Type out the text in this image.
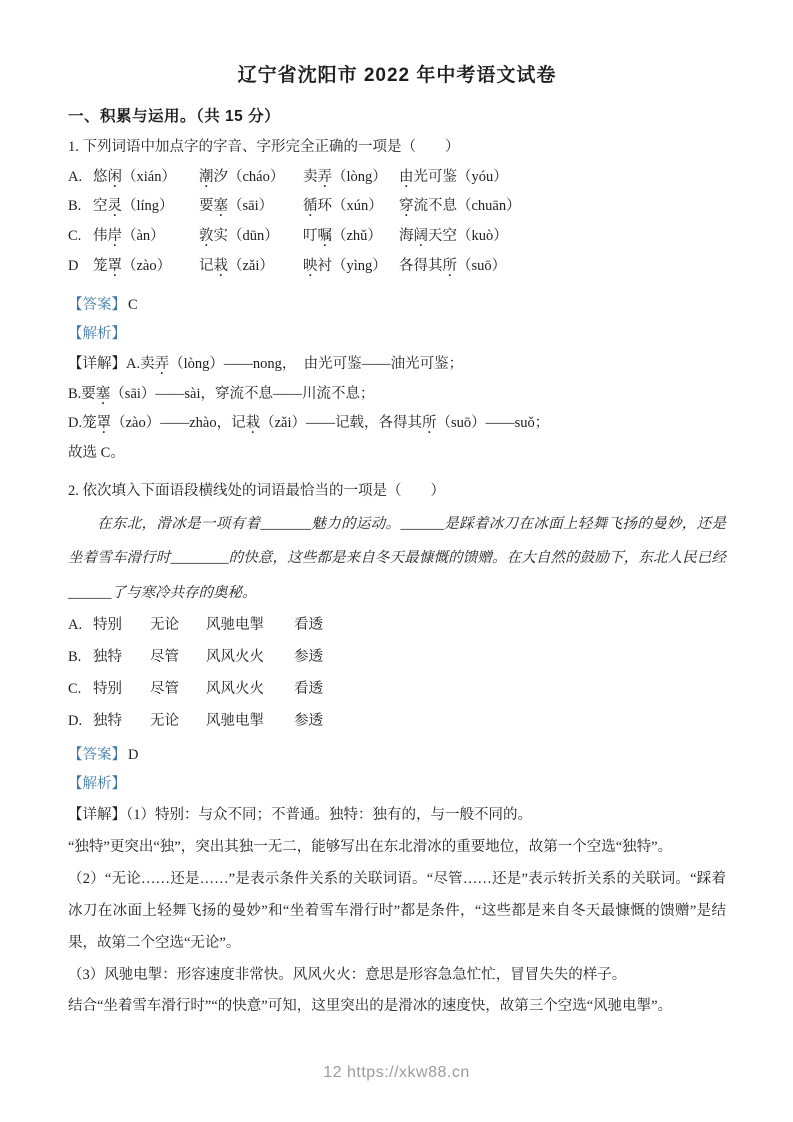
辽宁省沈阳市 2022 年中考语文试卷
一、积累与运用。（共 15 分）

1. 下列词语中加点字的字音、字形完全正确的一项是（　　）

A. 悠闲（xián）	潮汐（cháo）	卖弄（lòng） 由光可鉴（yóu）
B. 空灵（líng）	要塞（sāi）	循环（xún）	穿流不息（chuān）
C. 伟岸（àn）	敦实（dūn）	叮嘱（zhǔ）	海阔天空（kuò）
D	笼罩（zào）	记栽（zǎi）	映衬（yìng） 各得其所（suō）

【答案】 C

【解析】

【详解】A.卖弄（lòng）——nong，　由光可鉴——油光可鉴；

B.要塞（sāi）——sài，穿流不息——川流不息；

D.笼罩（zào）——zhào，记栽（zǎi）——记载，各得其所（suō）——suǒ；

故选 C。

2. 依次填入下面语段横线处的词语最恰当的一项是（　　）

在东北，滑冰是一项有着_______魅力的运动。______是踩着冰刀在冰面上轻舞飞扬的曼妙，还是坐着雪车滑行时________的快意，这些都是来自冬天最慷慨的馈赠。在大自然的鼓励下，东北人民已经______了与寒冷共存的奥秘。

A. 特别	无论	风驰电掣	看透
B. 独特	尽管	风风火火	参透
C. 特别	尽管	风风火火	看透
D. 独特	无论	风驰电掣	参透

【答案】 D

【解析】

【详解】（1）特别：与众不同；不普通。独特：独有的，与一般不同的。

“独特”更突出“独”，突出其独一无二，能够写出在东北滑冰的重要地位，故第一个空选“独特”。

（2）“无论……还是……”是表示条件关系的关联词语。“尽管……还是”表示转折关系的关联词。“踩着冰刀在冰面上轻舞飞扬的曼妙”和“坐着雪车滑行时”都是条件，“这些都是来自冬天最慷慨的馈赠”是结果，故第二个空选“无论”。

（3）风驰电掣：形容速度非常快。风风火火：意思是形容急急忙忙，冒冒失失的样子。

结合“坐着雪车滑行时”“的快意”可知，这里突出的是滑冰的速度快，故第三个空选“风驰电掣”。

12 https://xkw88.cn
